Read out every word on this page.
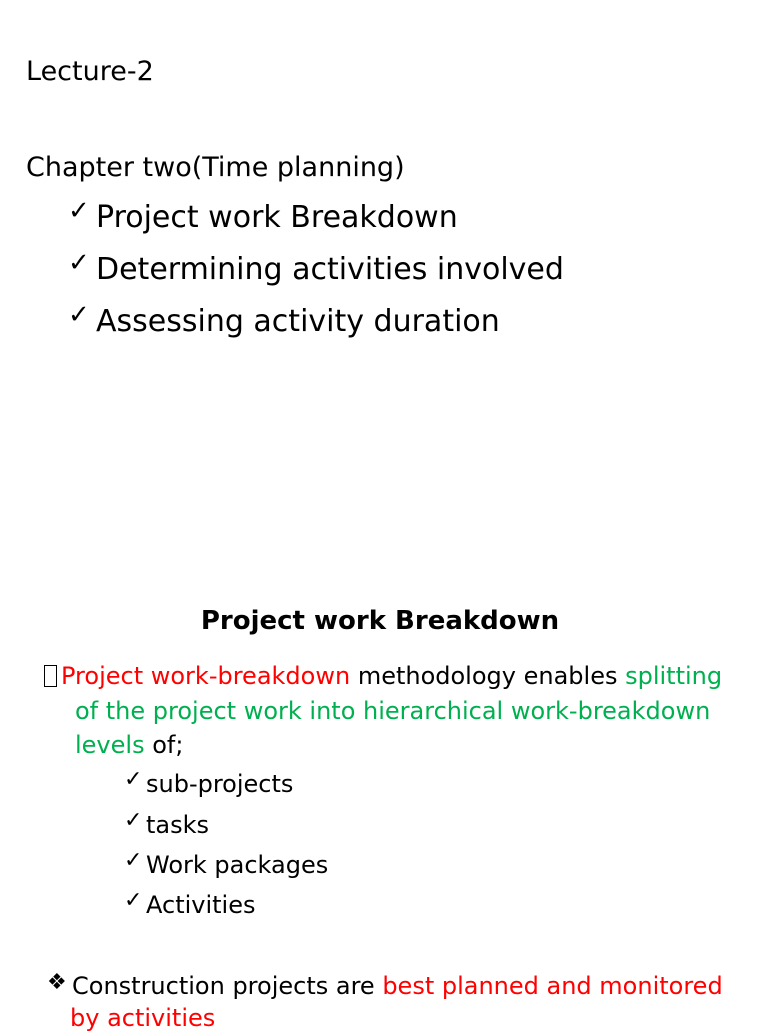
Lecture-2
Chapter two(Time planning)
✓ Project work Breakdown
✓ Determining activities involved
✓ Assessing activity duration
Project work Breakdown
Project work-breakdown methodology enables splitting
of the project work into hierarchical work-breakdown
levels of;
✓ sub-projects
✓ tasks
✓ Work packages
✓ Activities
❖ Construction projects are best planned and monitored
by activities
